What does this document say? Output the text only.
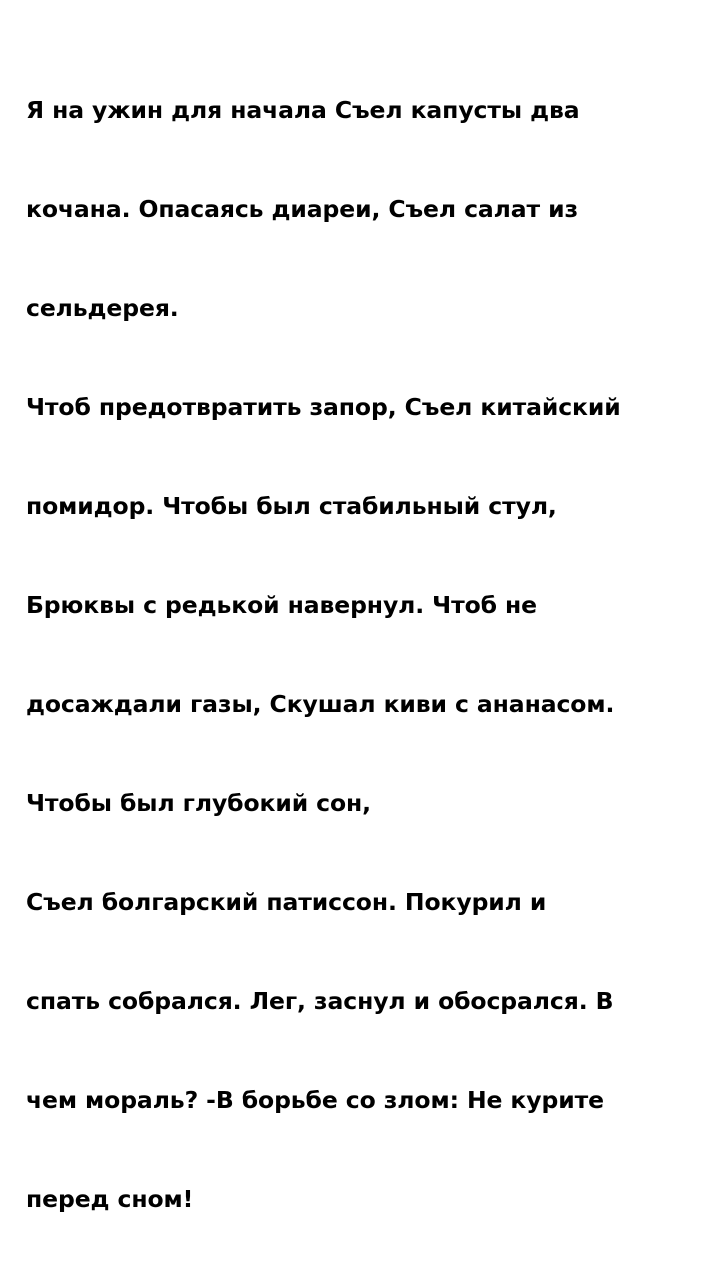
Я на ужин для начала Съел капусты два

кочана. Опасаясь диареи, Съел салат из

сельдерея.

Чтоб предотвратить запор, Съел китайский

помидор. Чтобы был стабильный стул,

Брюквы с редькой навернул. Чтоб не

досаждали газы, Скушал киви с ананасом.

Чтобы был глубокий сон,

Съел болгарский патиссон. Покурил и

спать собрался. Лег, заснул и обосрался. В

чем мораль? -В борьбе со злом: Не курите

перед сном!
